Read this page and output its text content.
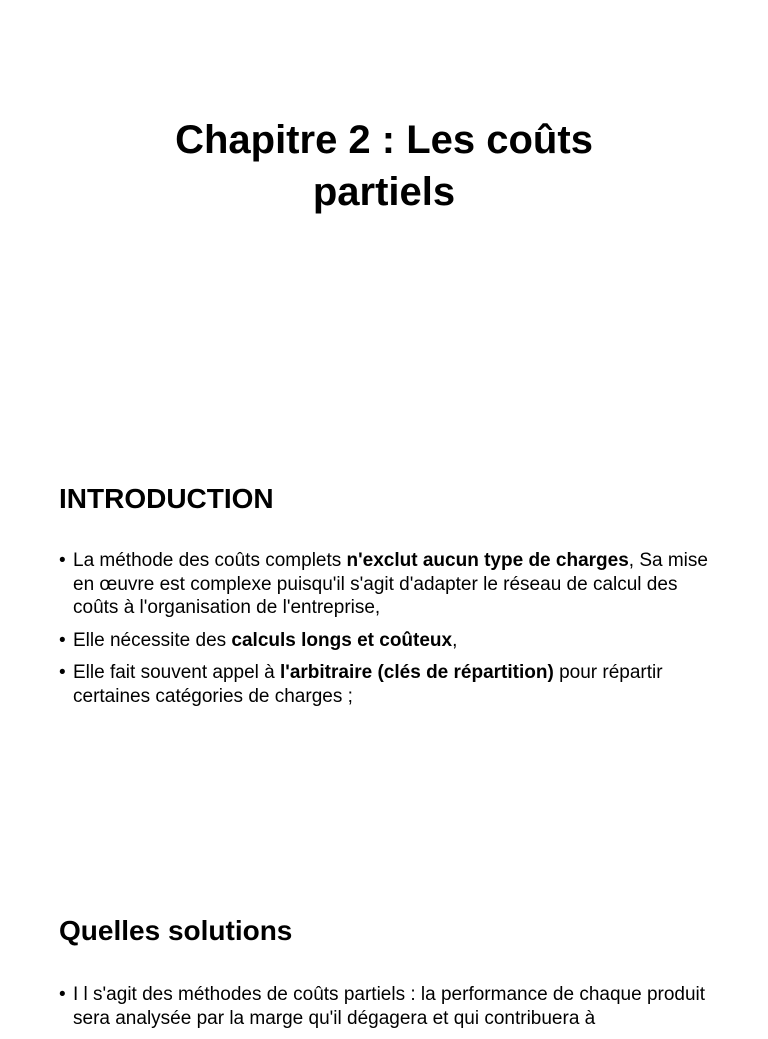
Chapitre 2 : Les coûts
partiels
INTRODUCTION
• La méthode des coûts complets n'exclut aucun type de charges, Sa mise en œuvre est complexe puisqu'il s'agit d'adapter le réseau de calcul des coûts à l'organisation de l'entreprise,
• Elle nécessite des calculs longs et coûteux,
• Elle fait souvent appel à l'arbitraire (clés de répartition) pour répartir certaines catégories de charges ;
Quelles solutions
• I l s'agit des méthodes de coûts partiels : la performance de chaque produit sera analysée par la marge qu'il dégagera et qui contribuera à
